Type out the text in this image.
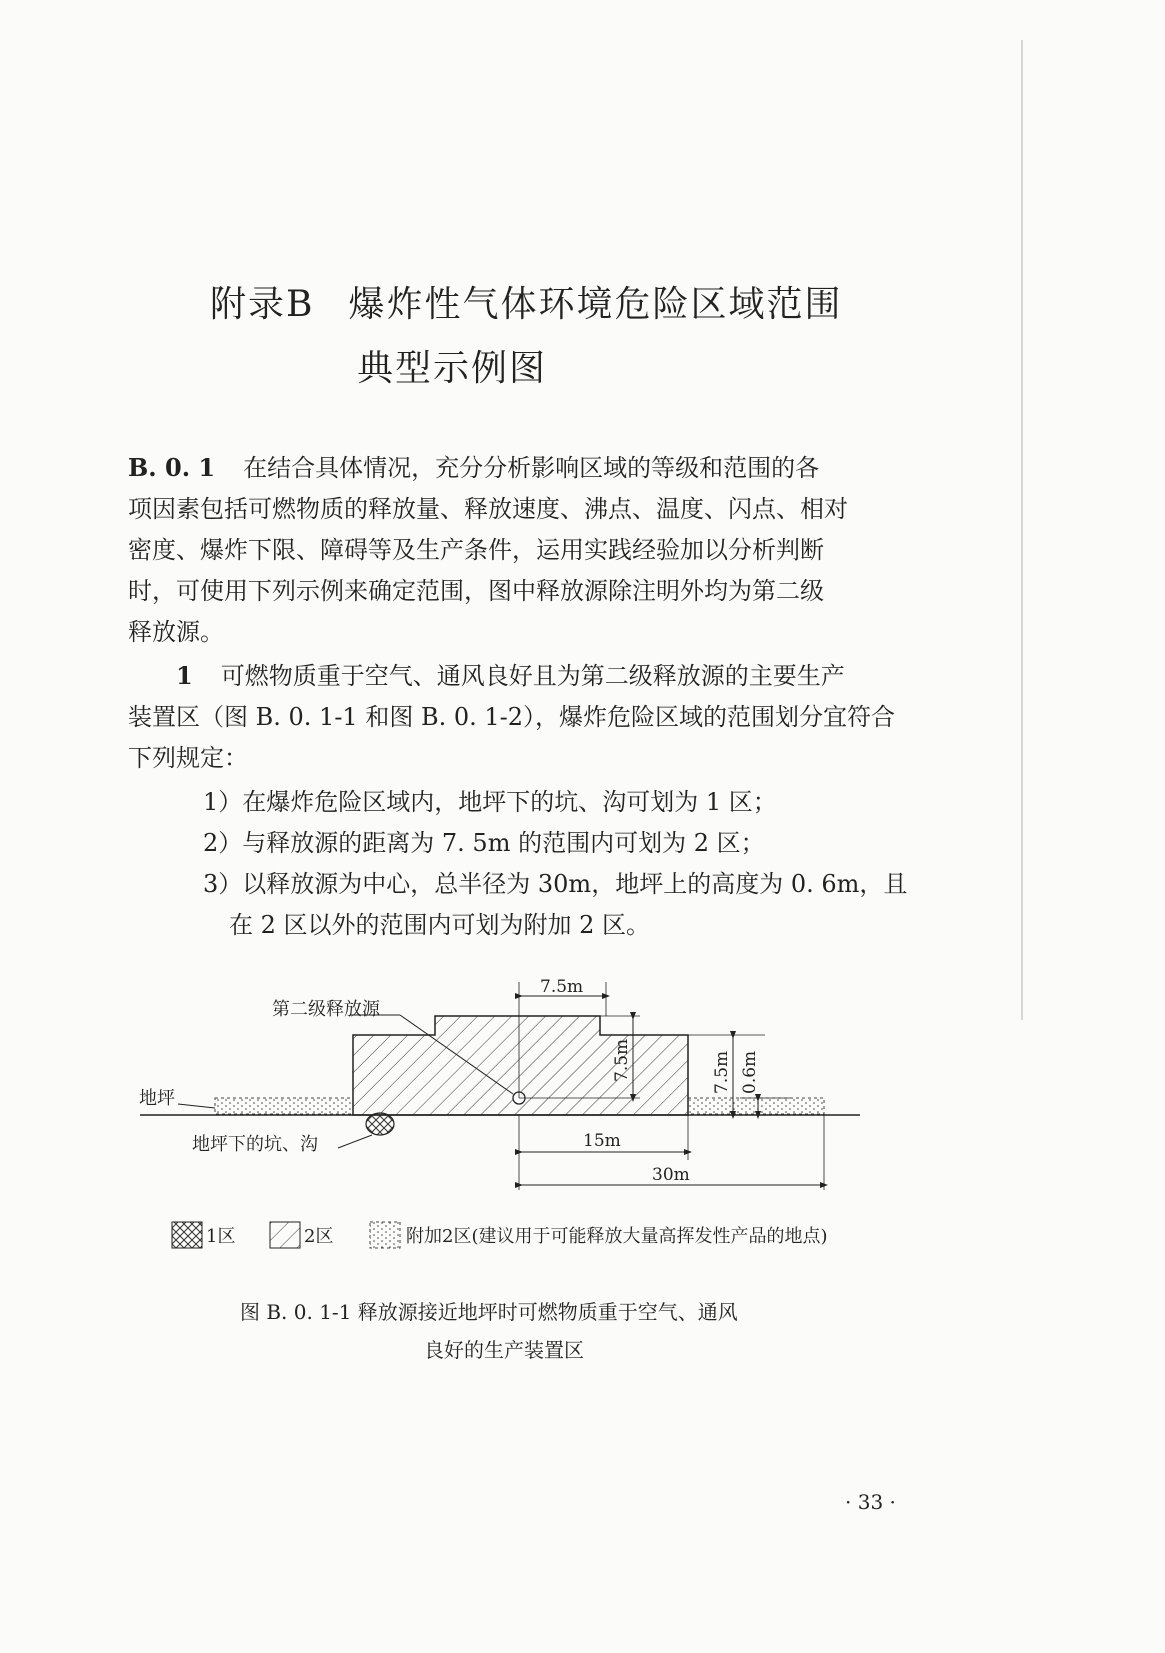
附录B 爆炸性气体环境危险区域范围
典型示例图
B. 0. 1 在结合具体情况，充分分析影响区域的等级和范围的各
项因素包括可燃物质的释放量、释放速度、沸点、温度、闪点、相对
密度、爆炸下限、障碍等及生产条件，运用实践经验加以分析判断
时，可使用下列示例来确定范围，图中释放源除注明外均为第二级
释放源。
1 可燃物质重于空气、通风良好且为第二级释放源的主要生产
装置区（图 B. 0. 1-1 和图 B. 0. 1-2），爆炸危险区域的范围划分宜符合
下列规定：
1）在爆炸危险区域内，地坪下的坑、沟可划为 1 区；
2）与释放源的距离为 7. 5m 的范围内可划为 2 区；
3）以释放源为中心，总半径为 30m，地坪上的高度为 0. 6m，且
在 2 区以外的范围内可划为附加 2 区。
第二级释放源
地坪
地坪下的坑、沟
7.5m
7.5m	7.5m 0.6m
15m
30m
1区	2区	附加2区(建议用于可能释放大量高挥发性产品的地点)
图 B. 0. 1-1 释放源接近地坪时可燃物质重于空气、通风
良好的生产装置区
· 33 ·
